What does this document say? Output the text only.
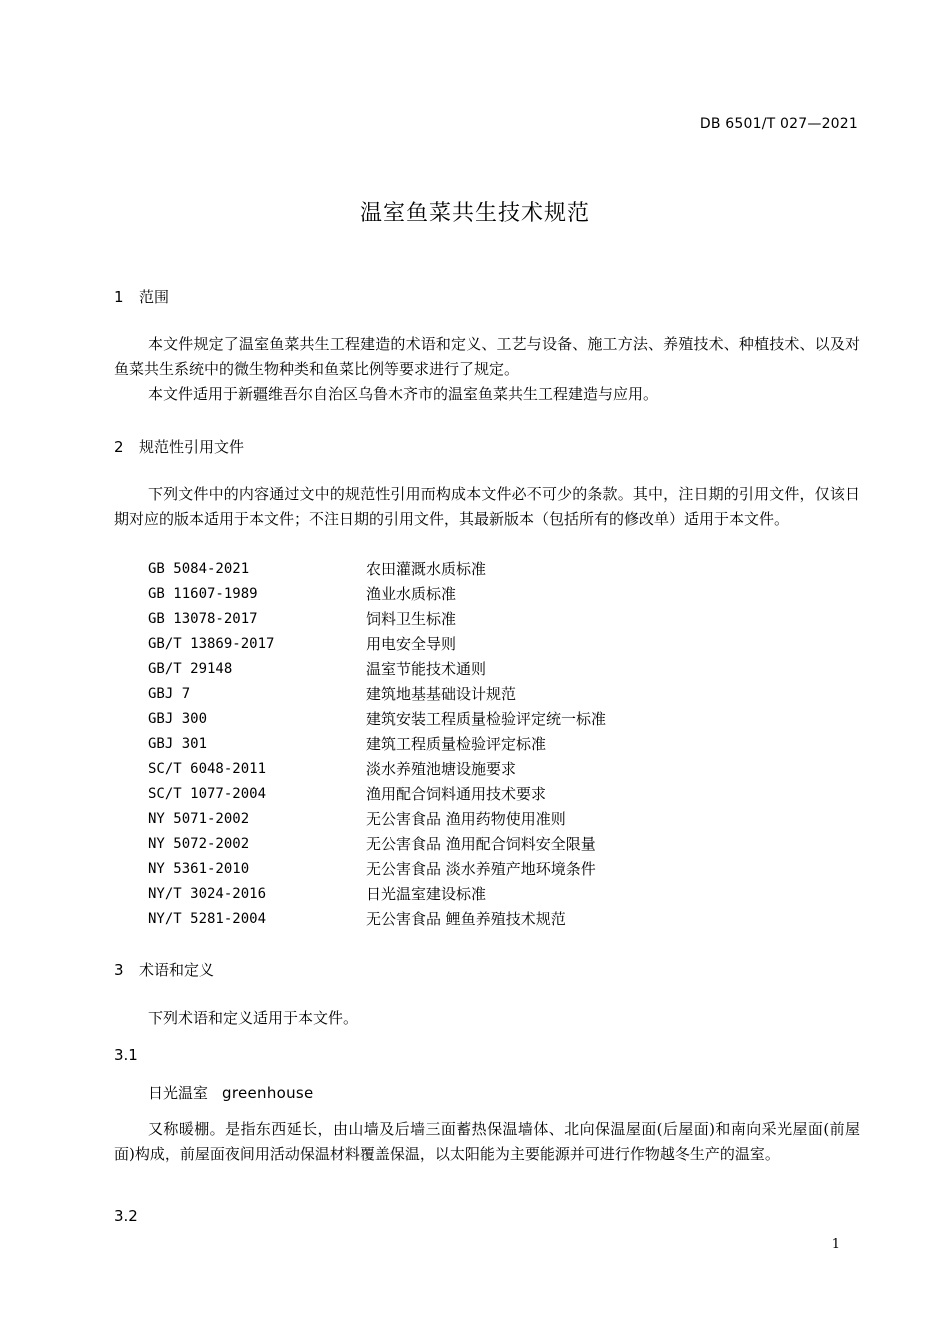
DB 6501/T 027—2021
温室鱼菜共生技术规范
1 范围
本文件规定了温室鱼菜共生工程建造的术语和定义、工艺与设备、施工方法、养殖技术、种植技术、以及对鱼菜共生系统中的微生物种类和鱼菜比例等要求进行了规定。
本文件适用于新疆维吾尔自治区乌鲁木齐市的温室鱼菜共生工程建造与应用。
2 规范性引用文件
下列文件中的内容通过文中的规范性引用而构成本文件必不可少的条款。其中，注日期的引用文件，仅该日期对应的版本适用于本文件；不注日期的引用文件，其最新版本（包括所有的修改单）适用于本文件。
GB 5084-2021	农田灌溉水质标准
GB 11607-1989	渔业水质标准
GB 13078-2017	饲料卫生标准
GB/T 13869-2017	用电安全导则
GB/T 29148	温室节能技术通则
GBJ 7	建筑地基基础设计规范
GBJ 300	建筑安装工程质量检验评定统一标准
GBJ 301	建筑工程质量检验评定标准
SC/T 6048-2011	淡水养殖池塘设施要求
SC/T 1077-2004	渔用配合饲料通用技术要求
NY 5071-2002	无公害食品 渔用药物使用准则
NY 5072-2002	无公害食品 渔用配合饲料安全限量
NY 5361-2010	无公害食品 淡水养殖产地环境条件
NY/T 3024-2016	日光温室建设标准
NY/T 5281-2004	无公害食品 鲤鱼养殖技术规范
3 术语和定义
下列术语和定义适用于本文件。
3.1
日光温室 greenhouse
又称暖棚。是指东西延长，由山墙及后墙三面蓄热保温墙体、北向保温屋面(后屋面)和南向采光屋面(前屋面)构成，前屋面夜间用活动保温材料覆盖保温，以太阳能为主要能源并可进行作物越冬生产的温室。
3.2
1
